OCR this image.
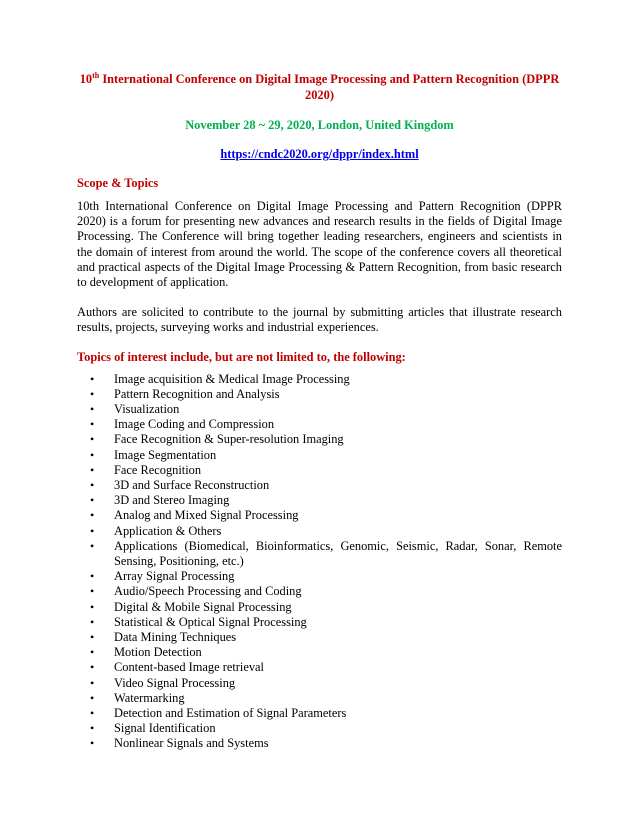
10th International Conference on Digital Image Processing and Pattern Recognition (DPPR 2020)

November 28 ~ 29, 2020, London, United Kingdom

https://cndc2020.org/dppr/index.html

Scope & Topics

10th International Conference on Digital Image Processing and Pattern Recognition (DPPR 2020) is a forum for presenting new advances and research results in the fields of Digital Image Processing. The Conference will bring together leading researchers, engineers and scientists in the domain of interest from around the world. The scope of the conference covers all theoretical and practical aspects of the Digital Image Processing & Pattern Recognition, from basic research to development of application.

Authors are solicited to contribute to the journal by submitting articles that illustrate research results, projects, surveying works and industrial experiences.

Topics of interest include, but are not limited to, the following:

• Image acquisition & Medical Image Processing
• Pattern Recognition and Analysis
• Visualization
• Image Coding and Compression
• Face Recognition & Super-resolution Imaging
• Image Segmentation
• Face Recognition
• 3D and Surface Reconstruction
• 3D and Stereo Imaging
• Analog and Mixed Signal Processing
• Application & Others
• Applications (Biomedical, Bioinformatics, Genomic, Seismic, Radar, Sonar, Remote Sensing, Positioning, etc.)
• Array Signal Processing
• Audio/Speech Processing and Coding
• Digital & Mobile Signal Processing
• Statistical & Optical Signal Processing
• Data Mining Techniques
• Motion Detection
• Content-based Image retrieval
• Video Signal Processing
• Watermarking
• Detection and Estimation of Signal Parameters
• Signal Identification
• Nonlinear Signals and Systems
